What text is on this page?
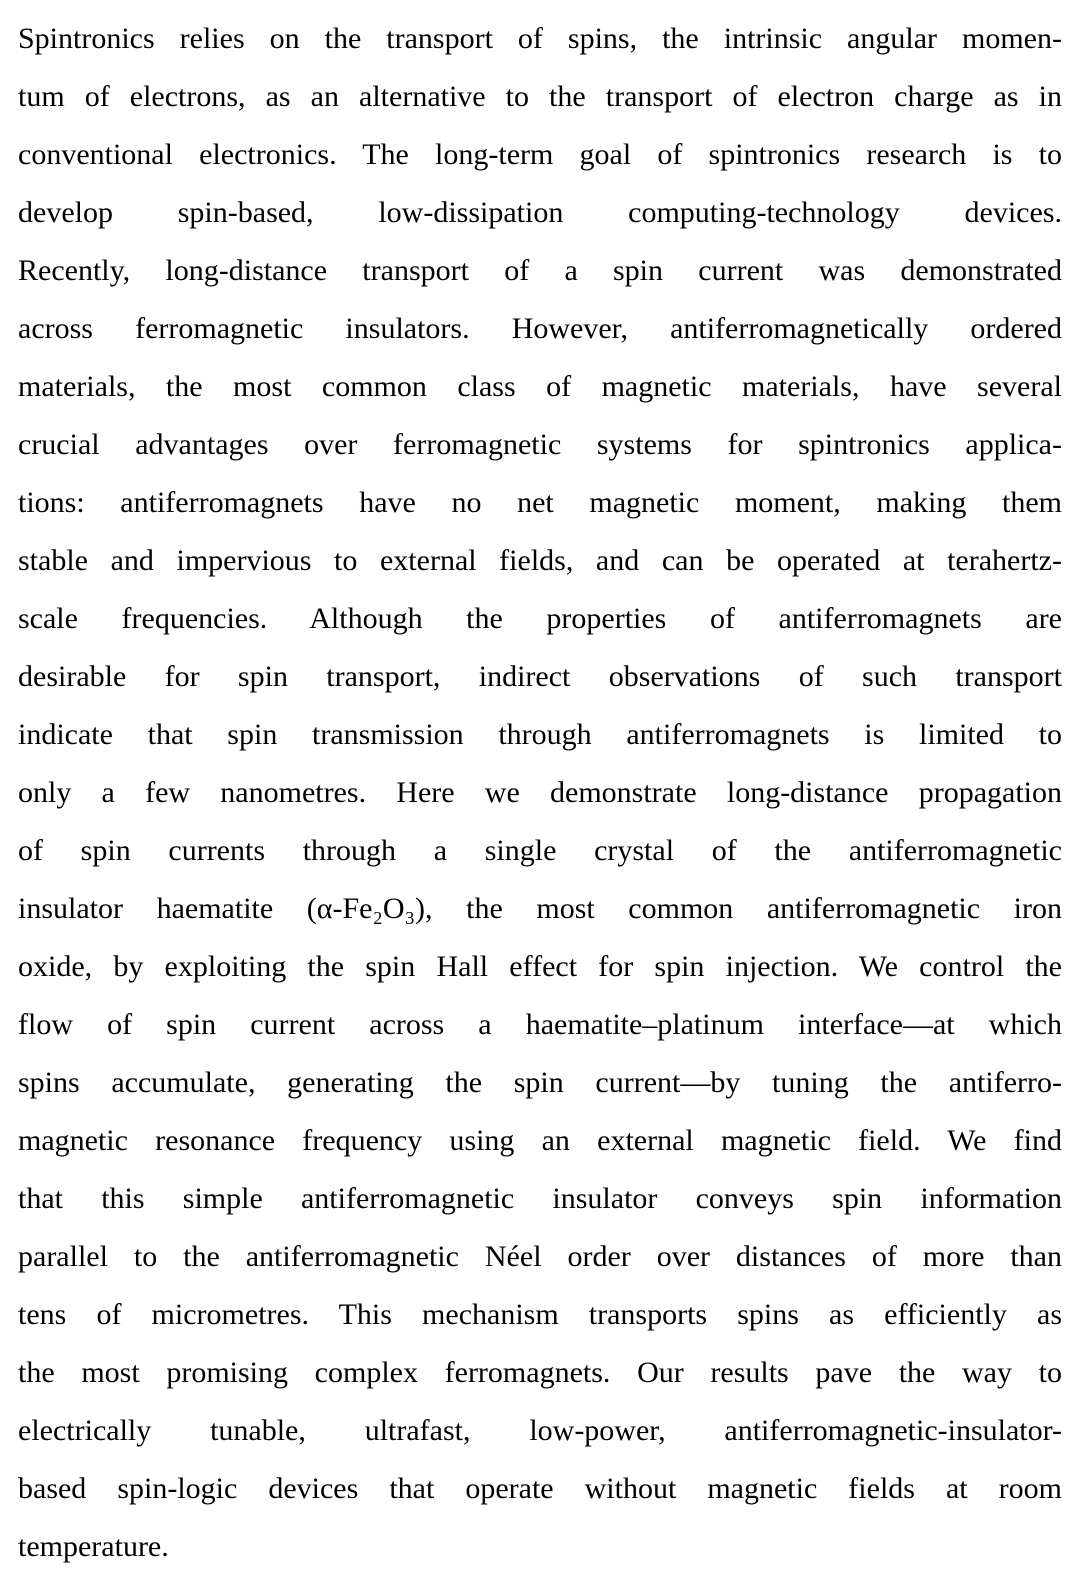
Spintronics relies on the transport of spins, the intrinsic angular momen-
tum of electrons, as an alternative to the transport of electron charge as in
conventional electronics. The long-term goal of spintronics research is to
develop spin-based, low-dissipation computing-technology devices.
Recently, long-distance transport of a spin current was demonstrated
across ferromagnetic insulators. However, antiferromagnetically ordered
materials, the most common class of magnetic materials, have several
crucial advantages over ferromagnetic systems for spintronics applica-
tions: antiferromagnets have no net magnetic moment, making them
stable and impervious to external fields, and can be operated at terahertz-
scale frequencies. Although the properties of antiferromagnets are
desirable for spin transport, indirect observations of such transport
indicate that spin transmission through antiferromagnets is limited to
only a few nanometres. Here we demonstrate long-distance propagation
of spin currents through a single crystal of the antiferromagnetic
insulator haematite (α-Fe₂O₃), the most common antiferromagnetic iron
oxide, by exploiting the spin Hall effect for spin injection. We control the
flow of spin current across a haematite–platinum interface—at which
spins accumulate, generating the spin current—by tuning the antiferro-
magnetic resonance frequency using an external magnetic field. We find
that this simple antiferromagnetic insulator conveys spin information
parallel to the antiferromagnetic Néel order over distances of more than
tens of micrometres. This mechanism transports spins as efficiently as
the most promising complex ferromagnets. Our results pave the way to
electrically tunable, ultrafast, low-power, antiferromagnetic-insulator-
based spin-logic devices that operate without magnetic fields at room
temperature.
